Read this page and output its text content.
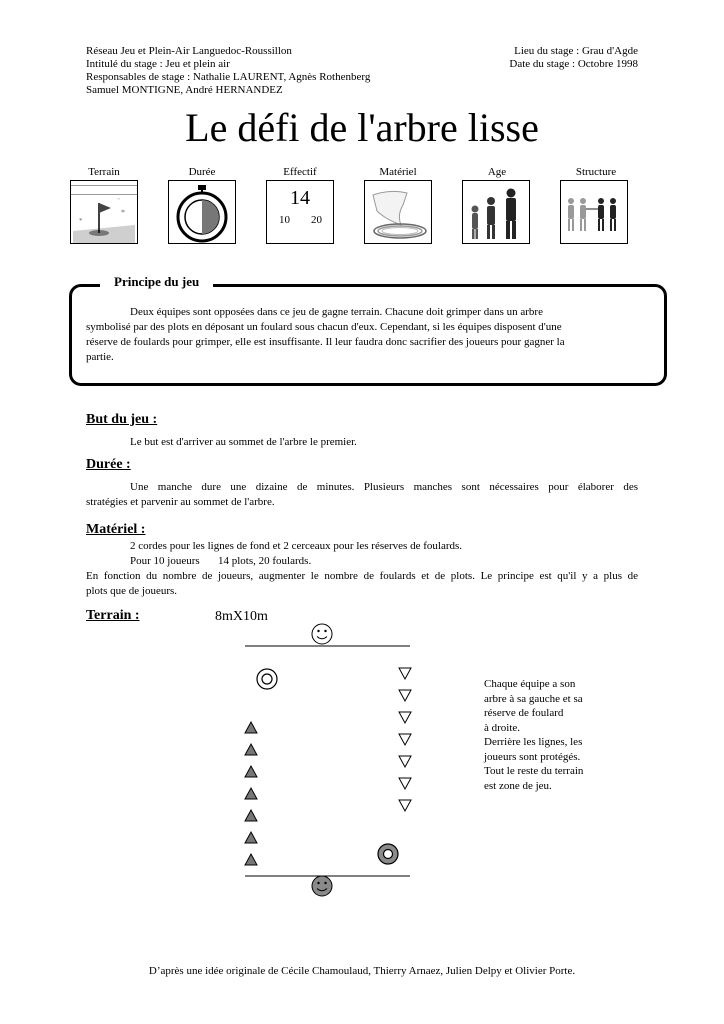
Réseau Jeu et Plein-Air Languedoc-Roussillon
Intitulé du stage : Jeu et plein air
Responsables de stage : Nathalie LAURENT, Agnès Rothenberg
Samuel MONTIGNE, André HERNANDEZ
Lieu du stage : Grau d'Agde
Date du stage : Octobre 1998
Le défi de l'arbre lisse
Terrain	Durée	Effectif	Matériel	Age	Structure
*
*
~	14
10 20
Principe du jeu
Deux équipes sont opposées dans ce jeu de gagne terrain. Chacune doit grimper dans un arbre
symbolisé par des plots en déposant un foulard sous chacun d'eux. Cependant, si les équipes disposent d'une
réserve de foulards pour grimper, elle est insuffisante. Il leur faudra donc sacrifier des joueurs pour gagner la
partie.
But du jeu :
Le but est d'arriver au sommet de l'arbre le premier.
Durée :
Une manche dure une dizaine de minutes. Plusieurs manches sont nécessaires pour élaborer des
stratégies et parvenir au sommet de l'arbre.
Matériel :
2 cordes pour les lignes de fond et 2 cerceaux pour les réserves de foulards.
Pour 10 joueurs 14 plots, 20 foulards.
En fonction du nombre de joueurs, augmenter le nombre de foulards et de plots. Le principe est qu'il y a plus de
plots que de joueurs.
Terrain :	8mX10m
Chaque équipe a son
arbre à sa gauche et sa
réserve de foulard
à droite.
Derrière les lignes, les
joueurs sont protégés.
Tout le reste du terrain
est zone de jeu.
D’après une idée originale de Cécile Chamoulaud, Thierry Arnaez, Julien Delpy et Olivier Porte.
